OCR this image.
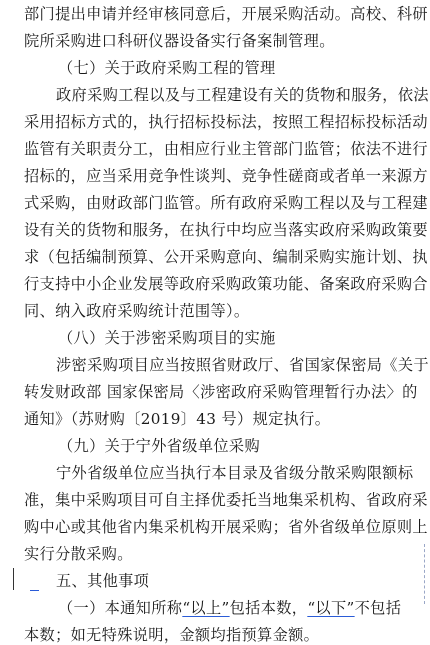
部门提出申请并经审核同意后，开展采购活动。高校、科研
院所采购进口科研仪器设备实行备案制管理。
（七）关于政府采购工程的管理
政府采购工程以及与工程建设有关的货物和服务，依法
采用招标方式的，执行招标投标法，按照工程招标投标活动
监管有关职责分工，由相应行业主管部门监管；依法不进行
招标的，应当采用竞争性谈判、竞争性磋商或者单一来源方
式采购，由财政部门监管。所有政府采购工程以及与工程建
设有关的货物和服务，在执行中均应当落实政府采购政策要
求（包括编制预算、公开采购意向、编制采购实施计划、执
行支持中小企业发展等政府采购政策功能、备案政府采购合
同、纳入政府采购统计范围等）。
（八）关于涉密采购项目的实施
涉密采购项目应当按照省财政厅、省国家保密局《关于
转发财政部 国家保密局〈涉密政府采购管理暂行办法〉的
通知》（苏财购〔2019〕43 号）规定执行。
（九）关于宁外省级单位采购
宁外省级单位应当执行本目录及省级分散采购限额标
准，集中采购项目可自主择优委托当地集采机构、省政府采
购中心或其他省内集采机构开展采购；省外省级单位原则上
实行分散采购。
五、其他事项
（一）本通知所称“以上”包括本数，“以下”不包括
本数；如无特殊说明，金额均指预算金额。
